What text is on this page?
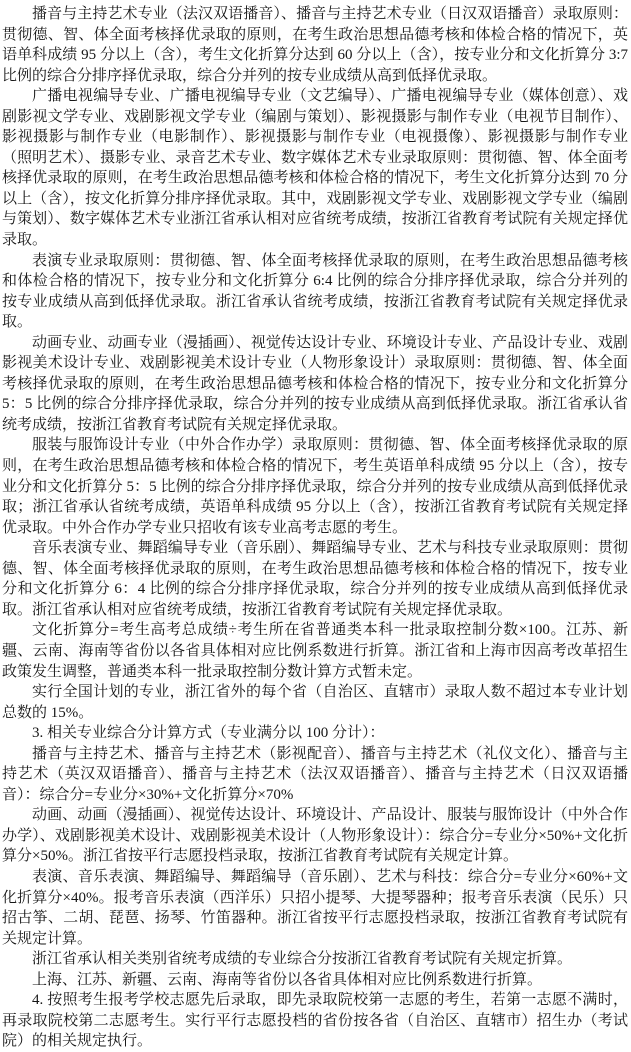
播音与主持艺术专业（法汉双语播音）、播音与主持艺术专业（日汉双语播音）录取原则：贯彻德、智、体全面考核择优录取的原则，在考生政治思想品德考核和体检合格的情况下，英语单科成绩 95 分以上（含），考生文化折算分达到 60 分以上（含），按专业分和文化折算分 3:7 比例的综合分排序择优录取，综合分并列的按专业成绩从高到低择优录取。

广播电视编导专业、广播电视编导专业（文艺编导）、广播电视编导专业（媒体创意）、戏剧影视文学专业、戏剧影视文学专业（编剧与策划）、影视摄影与制作专业（电视节目制作）、影视摄影与制作专业（电影制作）、影视摄影与制作专业（电视摄像）、影视摄影与制作专业（照明艺术）、摄影专业、录音艺术专业、数字媒体艺术专业录取原则：贯彻德、智、体全面考核择优录取的原则，在考生政治思想品德考核和体检合格的情况下，考生文化折算分达到 70 分以上（含），按文化折算分排序择优录取。其中，戏剧影视文学专业、戏剧影视文学专业（编剧与策划）、数字媒体艺术专业浙江省承认相对应省统考成绩，按浙江省教育考试院有关规定择优录取。

表演专业录取原则：贯彻德、智、体全面考核择优录取的原则，在考生政治思想品德考核和体检合格的情况下，按专业分和文化折算分 6:4 比例的综合分排序择优录取，综合分并列的按专业成绩从高到低择优录取。浙江省承认省统考成绩，按浙江省教育考试院有关规定择优录取。

动画专业、动画专业（漫插画）、视觉传达设计专业、环境设计专业、产品设计专业、戏剧影视美术设计专业、戏剧影视美术设计专业（人物形象设计）录取原则：贯彻德、智、体全面考核择优录取的原则，在考生政治思想品德考核和体检合格的情况下，按专业分和文化折算分 5：5 比例的综合分排序择优录取，综合分并列的按专业成绩从高到低择优录取。浙江省承认省统考成绩，按浙江省教育考试院有关规定择优录取。

服装与服饰设计专业（中外合作办学）录取原则：贯彻德、智、体全面考核择优录取的原则，在考生政治思想品德考核和体检合格的情况下，考生英语单科成绩 95 分以上（含），按专业分和文化折算分 5：5 比例的综合分排序择优录取，综合分并列的按专业成绩从高到低择优录取；浙江省承认省统考成绩，英语单科成绩 95 分以上（含），按浙江省教育考试院有关规定择优录取。中外合作办学专业只招收有该专业高考志愿的考生。

音乐表演专业、舞蹈编导专业（音乐剧）、舞蹈编导专业、艺术与科技专业录取原则：贯彻德、智、体全面考核择优录取的原则，在考生政治思想品德考核和体检合格的情况下，按专业分和文化折算分 6：4 比例的综合分排序择优录取，综合分并列的按专业成绩从高到低择优录取。浙江省承认相对应省统考成绩，按浙江省教育考试院有关规定择优录取。

文化折算分=考生高考总成绩÷考生所在省普通类本科一批录取控制分数×100。江苏、新疆、云南、海南等省份以各省具体相对应比例系数进行折算。浙江省和上海市因高考改革招生政策发生调整，普通类本科一批录取控制分数计算方式暂未定。

实行全国计划的专业，浙江省外的每个省（自治区、直辖市）录取人数不超过本专业计划总数的 15%。

3. 相关专业综合分计算方式（专业满分以 100 分计）：

播音与主持艺术、播音与主持艺术（影视配音）、播音与主持艺术（礼仪文化）、播音与主持艺术（英汉双语播音）、播音与主持艺术（法汉双语播音）、播音与主持艺术（日汉双语播音）：综合分=专业分×30%+文化折算分×70%

动画、动画（漫插画）、视觉传达设计、环境设计、产品设计、服装与服饰设计（中外合作办学）、戏剧影视美术设计、戏剧影视美术设计（人物形象设计）：综合分=专业分×50%+文化折算分×50%。浙江省按平行志愿投档录取，按浙江省教育考试院有关规定计算。

表演、音乐表演、舞蹈编导、舞蹈编导（音乐剧）、艺术与科技：综合分=专业分×60%+文化折算分×40%。报考音乐表演（西洋乐）只招小提琴、大提琴器种；报考音乐表演（民乐）只招古筝、二胡、琵琶、扬琴、竹笛器种。浙江省按平行志愿投档录取，按浙江省教育考试院有关规定计算。

浙江省承认相关类别省统考成绩的专业综合分按浙江省教育考试院有关规定折算。

上海、江苏、新疆、云南、海南等省份以各省具体相对应比例系数进行折算。

4. 按照考生报考学校志愿先后录取，即先录取院校第一志愿的考生，若第一志愿不满时，再录取院校第二志愿考生。实行平行志愿投档的省份按各省（自治区、直辖市）招生办（考试院）的相关规定执行。
